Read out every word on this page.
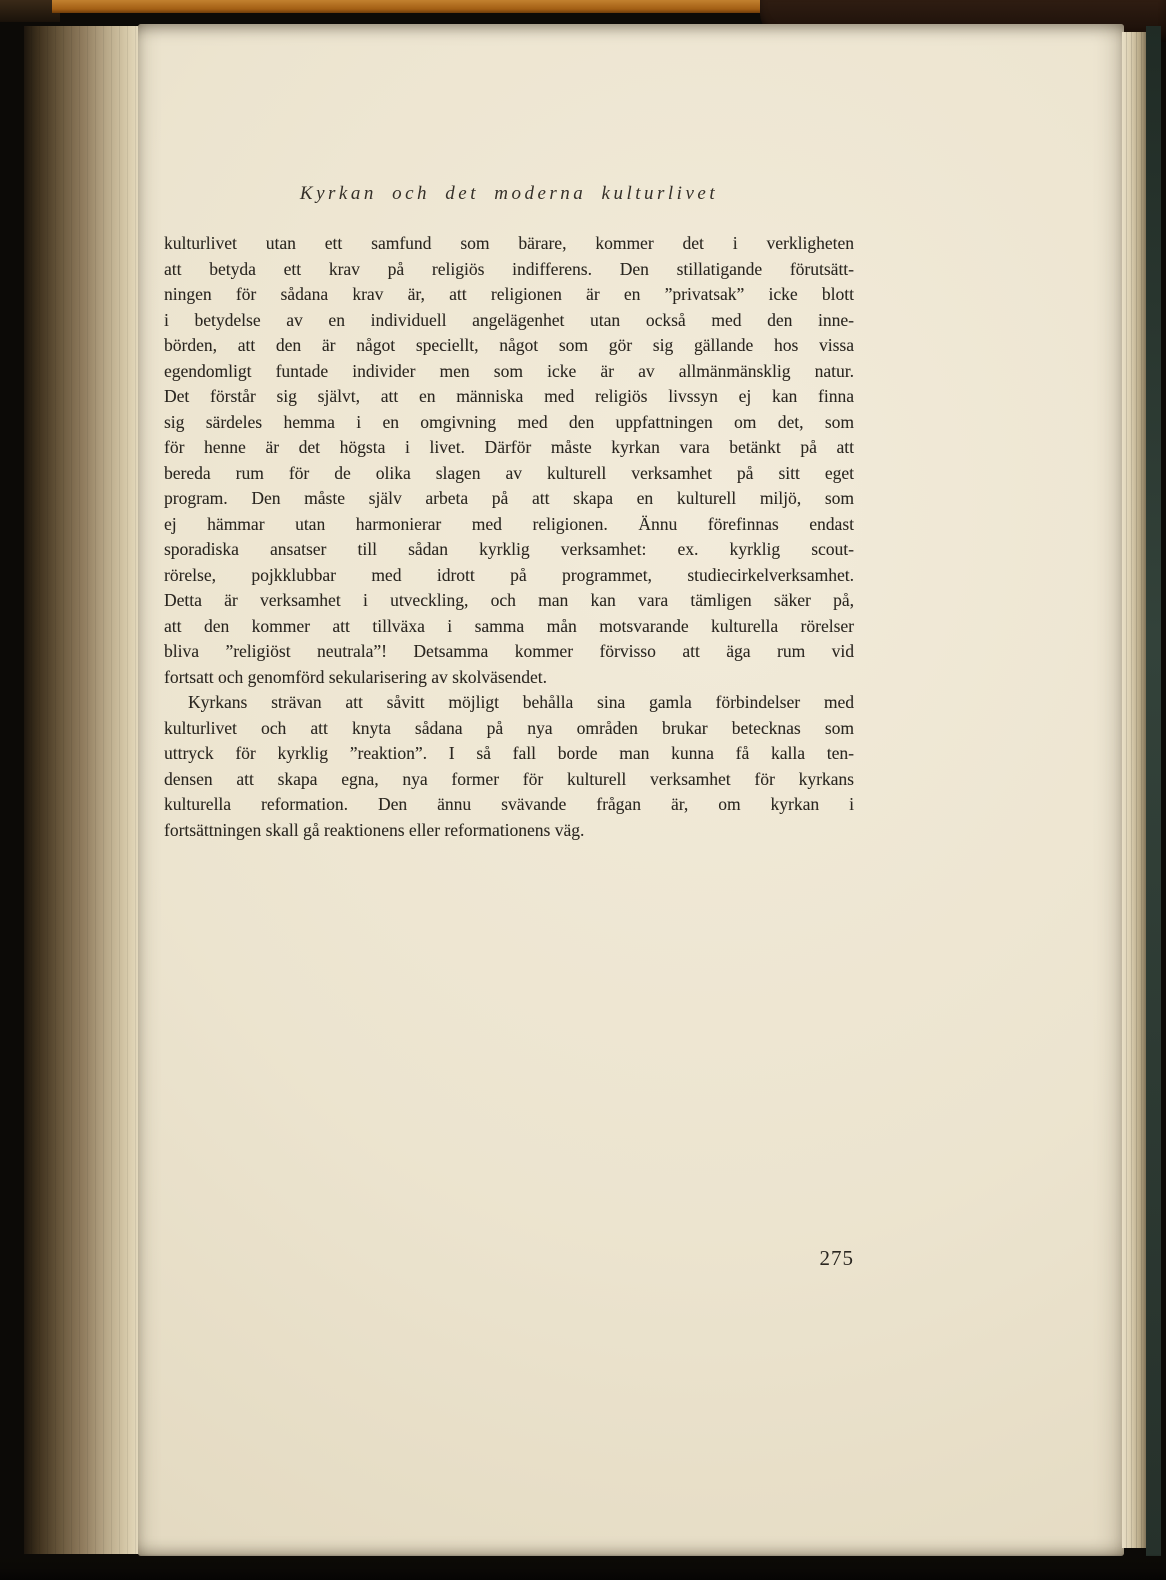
Kyrkan och det moderna kulturlivet
kulturlivet utan ett samfund som bärare, kommer det i verkligheten
att betyda ett krav på religiös indifferens. Den stillatigande förutsätt-
ningen för sådana krav är, att religionen är en ”privatsak” icke blott
i betydelse av en individuell angelägenhet utan också med den inne-
börden, att den är något speciellt, något som gör sig gällande hos vissa
egendomligt funtade individer men som icke är av allmänmänsklig natur.
Det förstår sig självt, att en människa med religiös livssyn ej kan finna
sig särdeles hemma i en omgivning med den uppfattningen om det, som
för henne är det högsta i livet. Därför måste kyrkan vara betänkt på att
bereda rum för de olika slagen av kulturell verksamhet på sitt eget
program. Den måste själv arbeta på att skapa en kulturell miljö, som
ej hämmar utan harmonierar med religionen. Ännu förefinnas endast
sporadiska ansatser till sådan kyrklig verksamhet: ex. kyrklig scout-
rörelse, pojkklubbar med idrott på programmet, studiecirkelverksamhet.
Detta är verksamhet i utveckling, och man kan vara tämligen säker på,
att den kommer att tillväxa i samma mån motsvarande kulturella rörelser
bliva ”religiöst neutrala”! Detsamma kommer förvisso att äga rum vid
fortsatt och genomförd sekularisering av skolväsendet.
Kyrkans strävan att såvitt möjligt behålla sina gamla förbindelser med
kulturlivet och att knyta sådana på nya områden brukar betecknas som
uttryck för kyrklig ”reaktion”. I så fall borde man kunna få kalla ten-
densen att skapa egna, nya former för kulturell verksamhet för kyrkans
kulturella reformation. Den ännu svävande frågan är, om kyrkan i
fortsättningen skall gå reaktionens eller reformationens väg.
275
